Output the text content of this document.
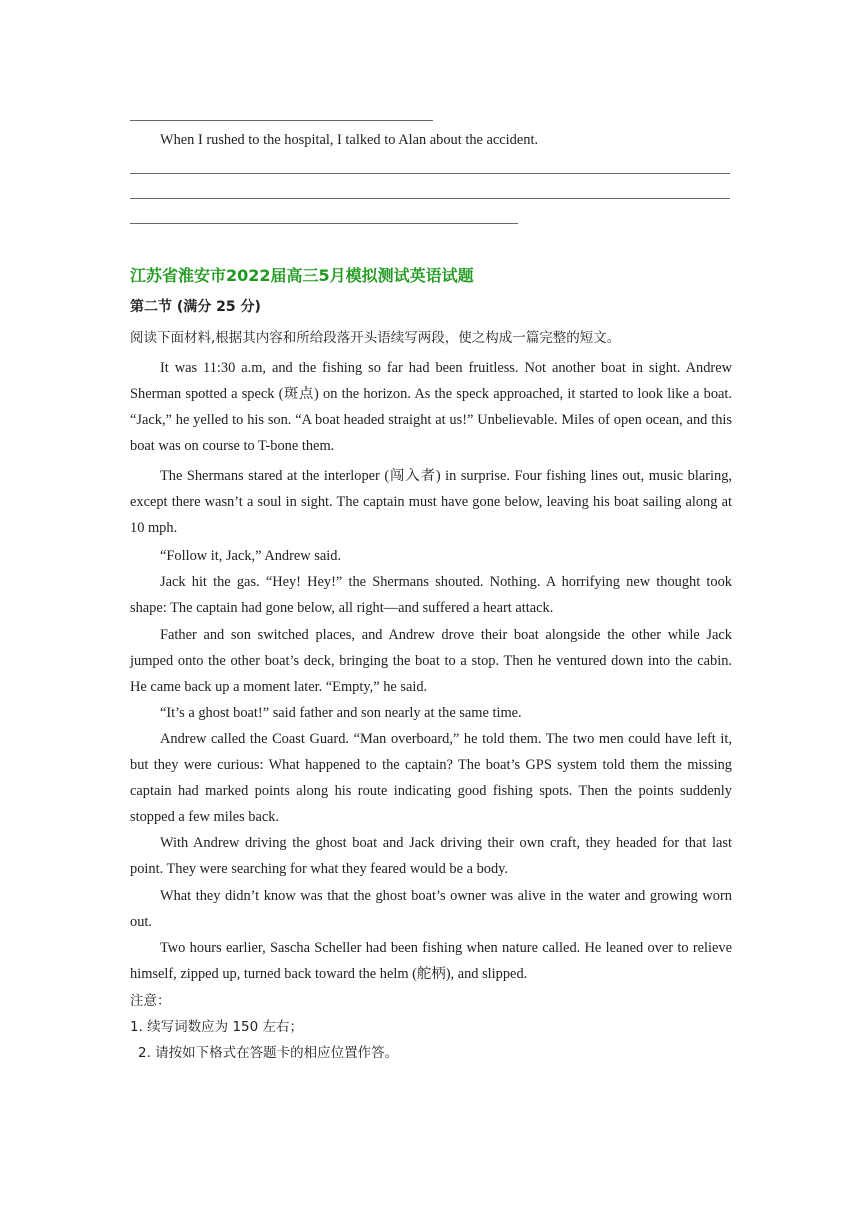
When I rushed to the hospital, I talked to Alan about the accident.
江苏省淮安市2022届高三5月模拟测试英语试题
第二节 (满分 25 分)
阅读下面材料,根据其内容和所给段落开头语续写两段，使之构成一篇完整的短文。

It was 11:30 a.m, and the fishing so far had been fruitless. Not another boat in sight. Andrew Sherman spotted a speck (斑点) on the horizon. As the speck approached, it started to look like a boat. “Jack,” he yelled to his son. “A boat headed straight at us!” Unbelievable. Miles of open ocean, and this boat was on course to T-bone them.

The Shermans stared at the interloper (闯入者) in surprise. Four fishing lines out, music blaring, except there wasn’t a soul in sight. The captain must have gone below, leaving his boat sailing along at 10 mph.

“Follow it, Jack,” Andrew said.

Jack hit the gas. “Hey! Hey!” the Shermans shouted. Nothing. A horrifying new thought took shape: The captain had gone below, all right—and suffered a heart attack.

Father and son switched places, and Andrew drove their boat alongside the other while Jack jumped onto the other boat’s deck, bringing the boat to a stop. Then he ventured down into the cabin. He came back up a moment later. “Empty,” he said.

“It’s a ghost boat!” said father and son nearly at the same time.

Andrew called the Coast Guard. “Man overboard,” he told them. The two men could have left it, but they were curious: What happened to the captain? The boat’s GPS system told them the missing captain had marked points along his route indicating good fishing spots. Then the points suddenly stopped a few miles back.

With Andrew driving the ghost boat and Jack driving their own craft, they headed for that last point. They were searching for what they feared would be a body.

What they didn’t know was that the ghost boat’s owner was alive in the water and growing worn out.

Two hours earlier, Sascha Scheller had been fishing when nature called. He leaned over to relieve himself, zipped up, turned back toward the helm (舵柄), and slipped.

注意：
1. 续写词数应为 150 左右；
2. 请按如下格式在答题卡的相应位置作答。
